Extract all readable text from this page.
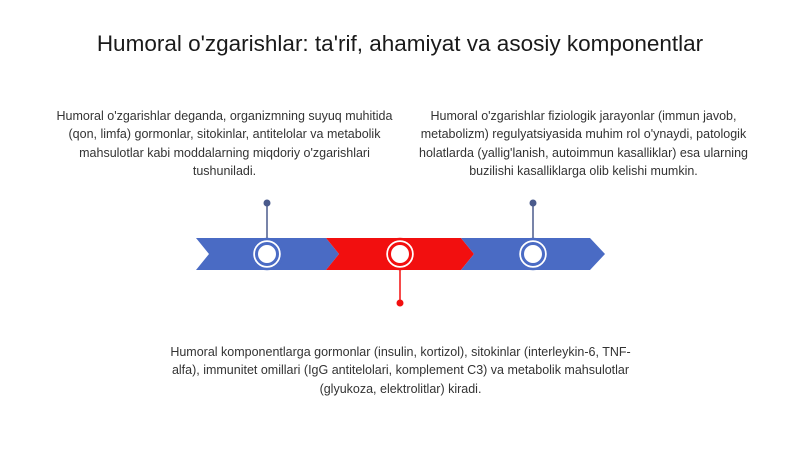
Humoral o'zgarishlar: ta'rif, ahamiyat va asosiy komponentlar
Humoral o'zgarishlar deganda, organizmning suyuq muhitida (qon, limfa) gormonlar, sitokinlar, antitelolar va metabolik mahsulotlar kabi moddalarning miqdoriy o'zgarishlari tushuniladi.
Humoral o'zgarishlar fiziologik jarayonlar (immun javob, metabolizm) regulyatsiyasida muhim rol o'ynaydi, patologik holatlarda (yallig'lanish, autoimmun kasalliklar) esa ularning buzilishi kasalliklarga olib kelishi mumkin.
Humoral komponentlarga gormonlar (insulin, kortizol), sitokinlar (interleykin-6, TNF-alfa), immunitet omillari (IgG antitelolari, komplement C3) va metabolik mahsulotlar (glyukoza, elektrolitlar) kiradi.
